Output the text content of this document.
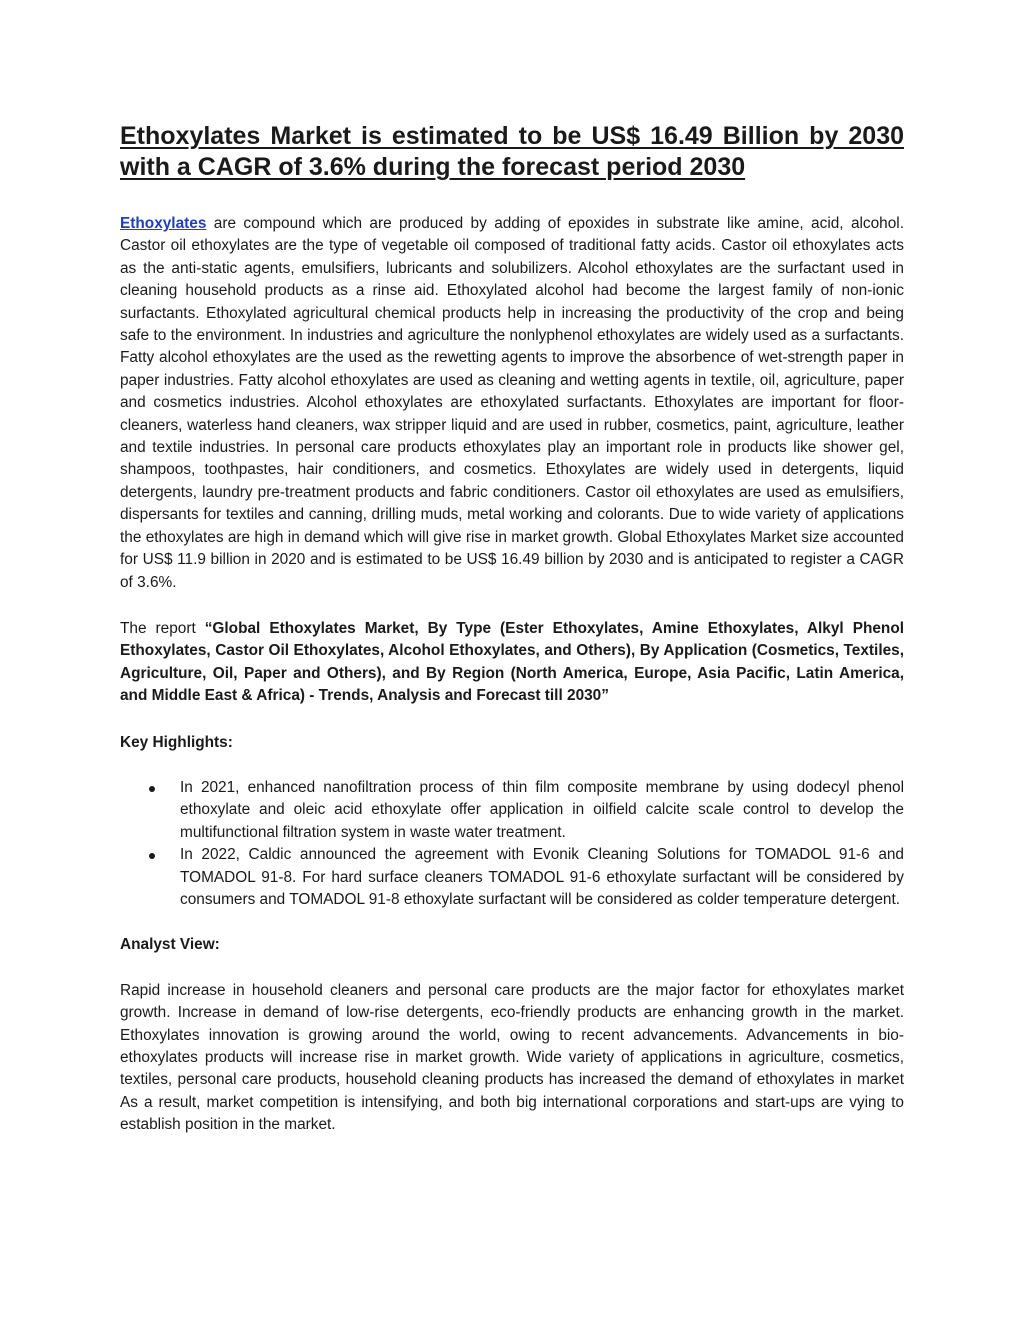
Ethoxylates Market is estimated to be US$ 16.49 Billion by 2030 with a CAGR of 3.6% during the forecast period 2030

Ethoxylates are compound which are produced by adding of epoxides in substrate like amine, acid, alcohol. Castor oil ethoxylates are the type of vegetable oil composed of traditional fatty acids. Castor oil ethoxylates acts as the anti-static agents, emulsifiers, lubricants and solubilizers. Alcohol ethoxylates are the surfactant used in cleaning household products as a rinse aid. Ethoxylated alcohol had become the largest family of non-ionic surfactants. Ethoxylated agricultural chemical products help in increasing the productivity of the crop and being safe to the environment. In industries and agriculture the nonlyphenol ethoxylates are widely used as a surfactants. Fatty alcohol ethoxylates are the used as the rewetting agents to improve the absorbence of wet-strength paper in paper industries. Fatty alcohol ethoxylates are used as cleaning and wetting agents in textile, oil, agriculture, paper and cosmetics industries. Alcohol ethoxylates are ethoxylated surfactants. Ethoxylates are important for floor-cleaners, waterless hand cleaners, wax stripper liquid and are used in rubber, cosmetics, paint, agriculture, leather and textile industries. In personal care products ethoxylates play an important role in products like shower gel, shampoos, toothpastes, hair conditioners, and cosmetics. Ethoxylates are widely used in detergents, liquid detergents, laundry pre-treatment products and fabric conditioners. Castor oil ethoxylates are used as emulsifiers, dispersants for textiles and canning, drilling muds, metal working and colorants. Due to wide variety of applications the ethoxylates are high in demand which will give rise in market growth. Global Ethoxylates Market size accounted for US$ 11.9 billion in 2020 and is estimated to be US$ 16.49 billion by 2030 and is anticipated to register a CAGR of 3.6%.

The report “Global Ethoxylates Market, By Type (Ester Ethoxylates, Amine Ethoxylates, Alkyl Phenol Ethoxylates, Castor Oil Ethoxylates, Alcohol Ethoxylates, and Others), By Application (Cosmetics, Textiles, Agriculture, Oil, Paper and Others), and By Region (North America, Europe, Asia Pacific, Latin America, and Middle East & Africa) - Trends, Analysis and Forecast till 2030”

Key Highlights:
In 2021, enhanced nanofiltration process of thin film composite membrane by using dodecyl phenol ethoxylate and oleic acid ethoxylate offer application in oilfield calcite scale control to develop the multifunctional filtration system in waste water treatment.
In 2022, Caldic announced the agreement with Evonik Cleaning Solutions for TOMADOL 91-6 and TOMADOL 91-8. For hard surface cleaners TOMADOL 91-6 ethoxylate surfactant will be considered by consumers and TOMADOL 91-8 ethoxylate surfactant will be considered as colder temperature detergent.
Analyst View:

Rapid increase in household cleaners and personal care products are the major factor for ethoxylates market growth. Increase in demand of low-rise detergents, eco-friendly products are enhancing growth in the market. Ethoxylates innovation is growing around the world, owing to recent advancements. Advancements in bio-ethoxylates products will increase rise in market growth. Wide variety of applications in agriculture, cosmetics, textiles, personal care products, household cleaning products has increased the demand of ethoxylates in market As a result, market competition is intensifying, and both big international corporations and start-ups are vying to establish position in the market.
